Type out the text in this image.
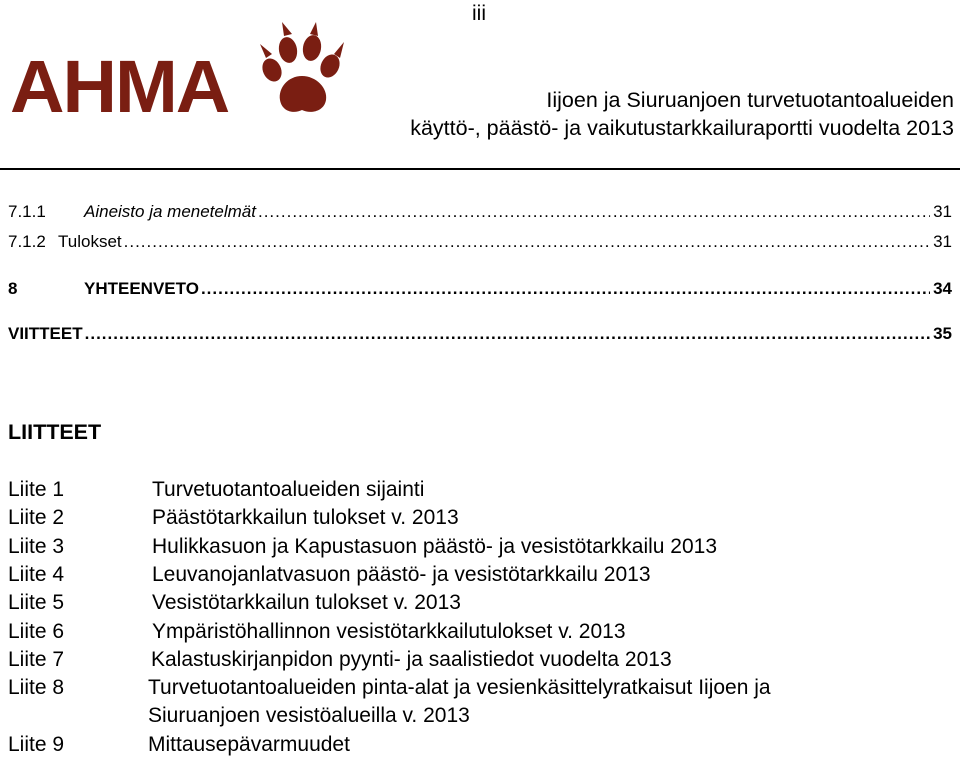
iii
AHMA	Iijoen ja Siuruanjoen turvetuotantoalueiden
käyttö-, päästö- ja vaikutustarkkailuraportti vuodelta 2013
7.1.1	Aineisto ja menetelmät .....	31
7.1.2 Tulokset .....	31
8	YHTEENVETO .....	34
VIITTEET .....	35
LIITTEET
Liite 1	Turvetuotantoalueiden sijainti
Liite 2	Päästötarkkailun tulokset v. 2013
Liite 3	Hulikkasuon ja Kapustasuon päästö- ja vesistötarkkailu 2013
Liite 4	Leuvanojanlatvasuon päästö- ja vesistötarkkailu 2013
Liite 5	Vesistötarkkailun tulokset v. 2013
Liite 6	Ympäristöhallinnon vesistötarkkailutulokset v. 2013
Liite 7	Kalastuskirjanpidon pyynti- ja saalistiedot vuodelta 2013
Liite 8	Turvetuotantoalueiden pinta-alat ja vesienkäsittelyratkaisut Iijoen ja
Siuruanjoen vesistöalueilla v. 2013
Liite 9	Mittausepävarmuudet
